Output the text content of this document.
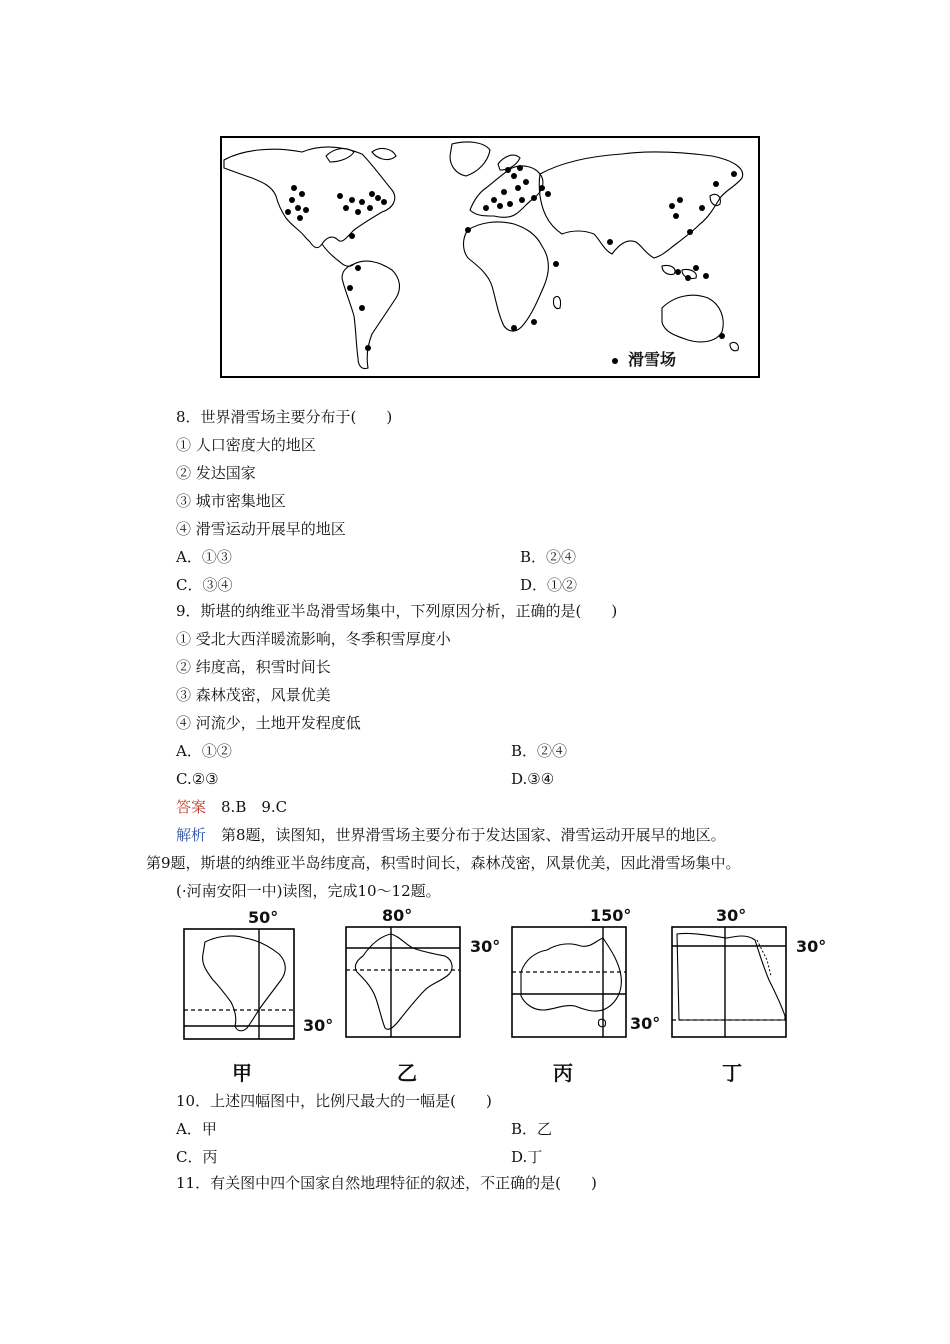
滑雪场
8．世界滑雪场主要分布于(　　)
① 人口密度大的地区
② 发达国家
③ 城市密集地区
④ 滑雪运动开展早的地区
A．①③	B．②④
C．③④	D．①②
9．斯堪的纳维亚半岛滑雪场集中，下列原因分析，正确的是(　　)
① 受北大西洋暖流影响，冬季积雪厚度小
② 纬度高，积雪时间长
③ 森林茂密，风景优美
④ 河流少，土地开发程度低
A．①②	B．②④
C.②③	D.③④
答案　8.B　9.C
解析　第8题，读图知，世界滑雪场主要分布于发达国家、滑雪运动开展早的地区。
第9题，斯堪的纳维亚半岛纬度高，积雪时间长，森林茂密，风景优美，因此滑雪场集中。
(·河南安阳一中)读图，完成10～12题。
50°
30°
甲
80°
30°
乙
150°
30°
丙
30°
30°
丁
10．上述四幅图中，比例尺最大的一幅是(　　)
A．甲	B．乙
C．丙	D.丁
11．有关图中四个国家自然地理特征的叙述，不正确的是(　　)
